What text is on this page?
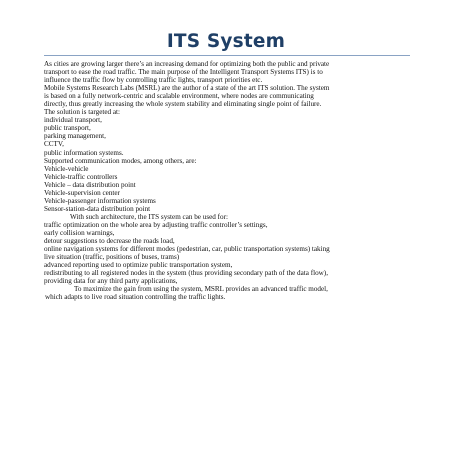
ITS System
As cities are growing larger there’s an increasing demand for optimizing both the public and private
transport to ease the road traffic. The main purpose of the Intelligent Transport Systems ITS) is to
influence the traffic flow by controlling traffic lights, transport priorities etc.
Mobile Systems Research Labs (MSRL) are the author of a state of the art ITS solution. The system
is based on a fully network-centric and scalable environment, where nodes are communicating
directly, thus greatly increasing the whole system stability and eliminating single point of failure.
The solution is targeted at:
individual transport,
public transport,
parking management,
CCTV,
public information systems.
Supported communication modes, among others, are:
Vehicle-vehicle
Vehicle-traffic controllers
Vehicle – data distribution point
Vehicle-supervision center
Vehicle-passenger information systems
Sensor-station-data distribution point
With such architecture, the ITS system can be used for:
traffic optimization on the whole area by adjusting traffic controller’s settings,
early collision warnings,
detour suggestions to decrease the roads load,
online navigation systems for different modes (pedestrian, car, public transportation systems) taking
live situation (traffic, positions of buses, trams)
advanced reporting used to optimize public transportation system,
redistributing to all registered nodes in the system (thus providing secondary path of the data flow),
providing data for any third party applications,
To maximize the gain from using the system, MSRL provides an advanced traffic model,
which adapts to live road situation controlling the traffic lights.
